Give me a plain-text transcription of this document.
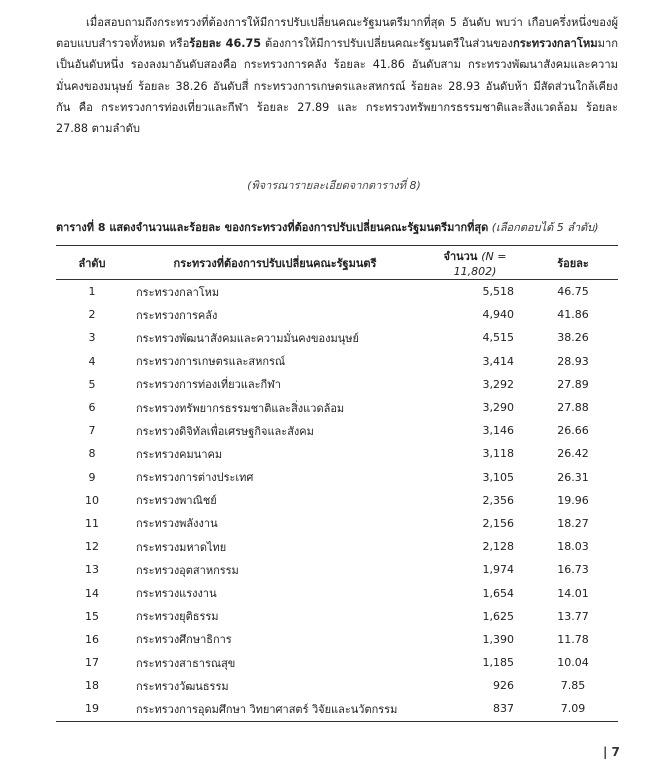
เมื่อสอบถามถึงกระทรวงที่ต้องการให้มีการปรับเปลี่ยนคณะรัฐมนตรีมากที่สุด 5 อันดับ พบว่า เกือบครึ่งหนึ่งของผู้ตอบแบบสำรวจทั้งหมด หรือร้อยละ 46.75 ต้องการให้มีการปรับเปลี่ยนคณะรัฐมนตรีในส่วนของกระทรวงกลาโหมมากเป็นอันดับหนึ่ง รองลงมาอันดับสองคือ กระทรวงการคลัง ร้อยละ 41.86 อันดับสาม กระทรวงพัฒนาสังคมและความมั่นคงของมนุษย์ ร้อยละ 38.26 อันดับสี่ กระทรวงการเกษตรและสหกรณ์ ร้อยละ 28.93 อันดับห้า มีสัดส่วนใกล้เคียงกัน คือ กระทรวงการท่องเที่ยวและกีฬา ร้อยละ 27.89 และ กระทรวงทรัพยากรธรรมชาติและสิ่งแวดล้อม ร้อยละ 27.88 ตามลำดับ

(พิจารณารายละเอียดจากตารางที่ 8)
ตารางที่ 8 แสดงจำนวนและร้อยละ ของกระทรวงที่ต้องการปรับเปลี่ยนคณะรัฐมนตรีมากที่สุด (เลือกตอบได้ 5 ลำดับ)
ลำดับ	กระทรวงที่ต้องการปรับเปลี่ยนคณะรัฐมนตรี	จำนวน (N = 11,802)	ร้อยละ
1	กระทรวงกลาโหม	5,518	46.75
2	กระทรวงการคลัง	4,940	41.86
3	กระทรวงพัฒนาสังคมและความมั่นคงของมนุษย์	4,515	38.26
4	กระทรวงการเกษตรและสหกรณ์	3,414	28.93
5	กระทรวงการท่องเที่ยวและกีฬา	3,292	27.89
6	กระทรวงทรัพยากรธรรมชาติและสิ่งแวดล้อม	3,290	27.88
7	กระทรวงดิจิทัลเพื่อเศรษฐกิจและสังคม	3,146	26.66
8	กระทรวงคมนาคม	3,118	26.42
9	กระทรวงการต่างประเทศ	3,105	26.31
10	กระทรวงพาณิชย์	2,356	19.96
11	กระทรวงพลังงาน	2,156	18.27
12	กระทรวงมหาดไทย	2,128	18.03
13	กระทรวงอุตสาหกรรม	1,974	16.73
14	กระทรวงแรงงาน	1,654	14.01
15	กระทรวงยุติธรรม	1,625	13.77
16	กระทรวงศึกษาธิการ	1,390	11.78
17	กระทรวงสาธารณสุข	1,185	10.04
18	กระทรวงวัฒนธรรม	926	7.85
19	กระทรวงการอุดมศึกษา วิทยาศาสตร์ วิจัยและนวัตกรรม	837	7.09
| 7
